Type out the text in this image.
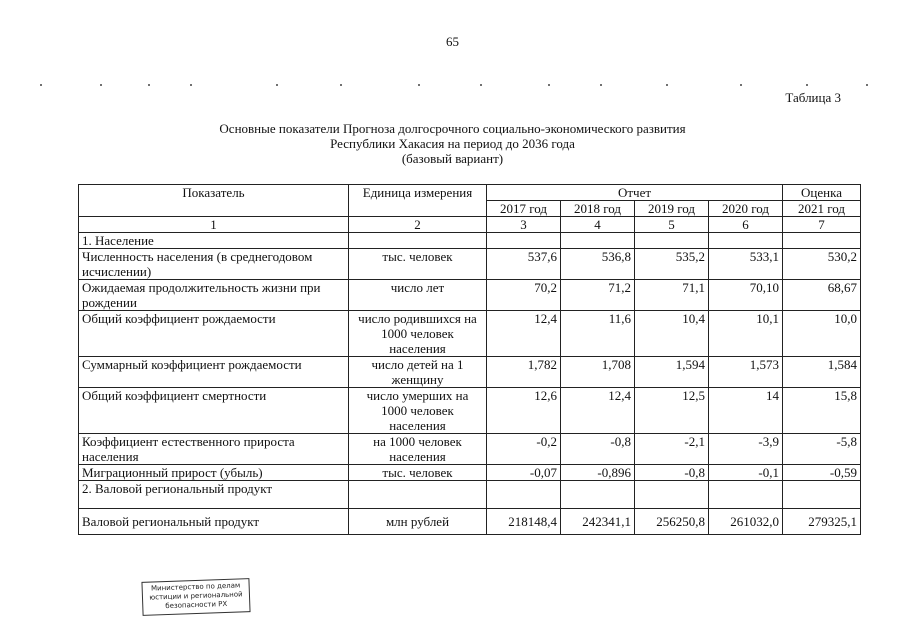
65
Таблица 3
Основные показатели Прогноза долгосрочного социально-экономического развития
Республики Хакасия на период до 2036 года
(базовый вариант)
Показатель	Единица измерения	Отчет				Оценка
		2017 год	2018 год	2019 год	2020 год	2021 год
1	2	3	4	5	6	7
1. Население						
Численность населения (в среднегодовом исчислении)	тыс. человек	537,6	536,8	535,2	533,1	530,2
Ожидаемая продолжительность жизни при рождении	число лет	70,2	71,2	71,1	70,10	68,67
Общий коэффициент рождаемости	число родившихся на 1000 человек населения	12,4	11,6	10,4	10,1	10,0
Суммарный коэффициент рождаемости	число детей на 1 женщину	1,782	1,708	1,594	1,573	1,584
Общий коэффициент смертности	число умерших на 1000 человек населения	12,6	12,4	12,5	14	15,8
Коэффициент естественного прироста населения	на 1000 человек населения	-0,2	-0,8	-2,1	-3,9	-5,8
Миграционный прирост (убыль)	тыс. человек	-0,07	-0,896	-0,8	-0,1	-0,59
2. Валовой региональный продукт						
Валовой региональный продукт	млн рублей	218148,4	242341,1	256250,8	261032,0	279325,1
Министерство по делам
юстиции и региональной
безопасности РХ
